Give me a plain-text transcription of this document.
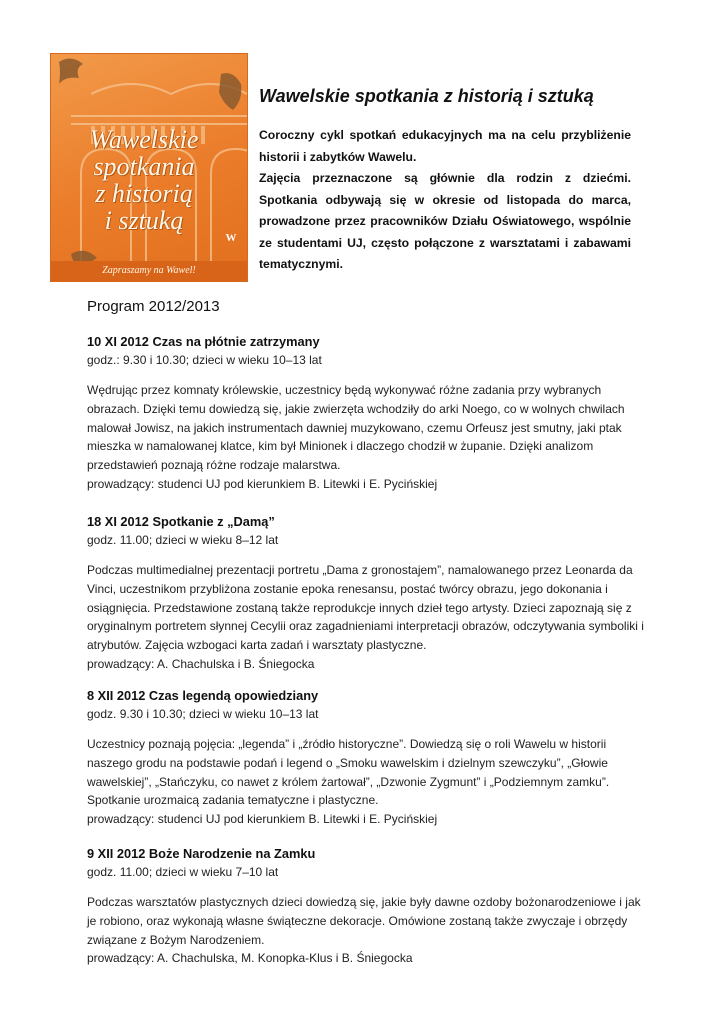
Wawelskie
spotkania
z historią
i sztuką
W
Zapraszamy na Wawel!
Wawelskie spotkania z historią i sztuką

Coroczny cykl spotkań edukacyjnych ma na celu przybliżenie historii i zabytków Wawelu.

Zajęcia przeznaczone są głównie dla rodzin z dziećmi. Spotkania odbywają się w okresie od listopada do marca, prowadzone przez pracowników Działu Oświatowego, wspólnie ze studentami UJ, często połączone z warsztatami i zabawami tematycznymi.

Program 2012/2013
10 XI 2012 Czas na płótnie zatrzymany

godz.: 9.30 i 10.30; dzieci w wieku 10–13 lat

Wędrując przez komnaty królewskie, uczestnicy będą wykonywać różne zadania przy wybranych obrazach. Dzięki temu dowiedzą się, jakie zwierzęta wchodziły do arki Noego, co w wolnych chwilach malował Jowisz, na jakich instrumentach dawniej muzykowano, czemu Orfeusz jest smutny, jaki ptak mieszka w namalowanej klatce, kim był Minionek i dlaczego chodził w żupanie. Dzięki analizom przedstawień poznają różne rodzaje malarstwa.

prowadzący: studenci UJ pod kierunkiem B. Litewki i E. Pycińskiej

18 XI 2012 Spotkanie z „Damą”

godz. 11.00; dzieci w wieku 8–12 lat

Podczas multimedialnej prezentacji portretu „Dama z gronostajem”, namalowanego przez Leonarda da Vinci, uczestnikom przybliżona zostanie epoka renesansu, postać twórcy obrazu, jego dokonania i osiągnięcia. Przedstawione zostaną także reprodukcje innych dzieł tego artysty. Dzieci zapoznają się z oryginalnym portretem słynnej Cecylii oraz zagadnieniami interpretacji obrazów, odczytywania symboliki i atrybutów. Zajęcia wzbogaci karta zadań i warsztaty plastyczne.

prowadzący: A. Chachulska i B. Śniegocka

8 XII 2012 Czas legendą opowiedziany

godz. 9.30 i 10.30; dzieci w wieku 10–13 lat

Uczestnicy poznają pojęcia: „legenda” i „źródło historyczne”. Dowiedzą się o roli Wawelu w historii naszego grodu na podstawie podań i legend o „Smoku wawelskim i dzielnym szewczyku”, „Głowie wawelskiej”, „Stańczyku, co nawet z królem żartował”, „Dzwonie Zygmunt” i „Podziemnym zamku”. Spotkanie urozmaicą zadania tematyczne i plastyczne.

prowadzący: studenci UJ pod kierunkiem B. Litewki i E. Pycińskiej

9 XII 2012 Boże Narodzenie na Zamku

godz. 11.00; dzieci w wieku 7–10 lat

Podczas warsztatów plastycznych dzieci dowiedzą się, jakie były dawne ozdoby bożonarodzeniowe i jak je robiono, oraz wykonają własne świąteczne dekoracje. Omówione zostaną także zwyczaje i obrzędy związane z Bożym Narodzeniem.

prowadzący: A. Chachulska, M. Konopka-Klus i B. Śniegocka
